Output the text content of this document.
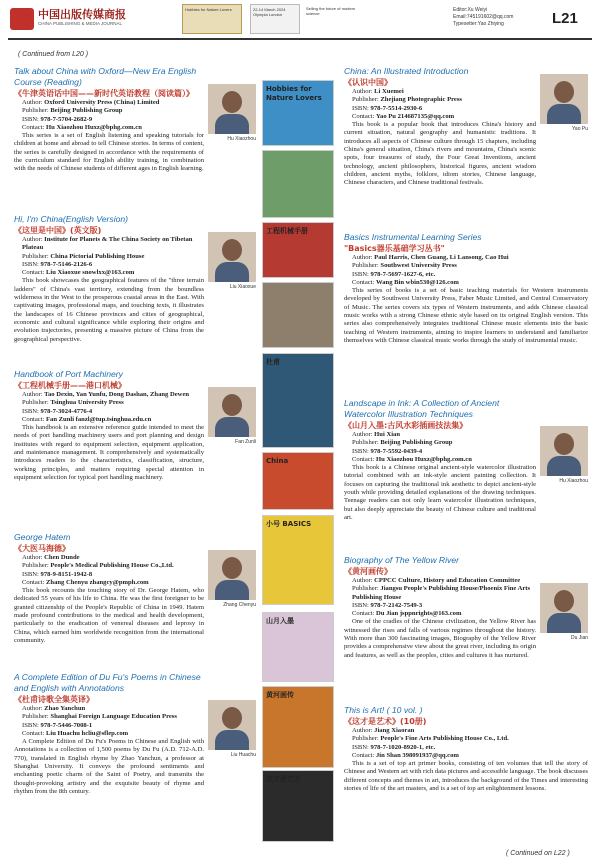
中国出版传媒商报
CHINA PUBLISHING & MEDIA JOURNAL
Hobbies for Nature Lovers	22-14 March 2024 Olympia London
Selling the future of modern science
Editor:Xu Weiyi
Email:745191602@qq.com
Typesetter:Yao Zhiying	L21
( Continued from L20 )
( Continued on L22 )
Talk about China with Oxford—New Era English Course (Reading)
《牛津英语话中国——新时代英语教程（阅读篇）》
Author: Oxford University Press (China) Limited
Publisher: Beijing Publishing Group
ISBN: 978-7-5704-2682-9
Contact: Hu Xiaozhou Huxz@bphg.com.cn
This series is a set of English listening and speaking tutorials for children at home and abroad to tell Chinese stories. In terms of content, the series is carefully designed in accordance with the requirements of the curriculum standard for English ability training, in combination with the needs of Chinese students of different ages in English learning.
Hu Xiaozhou
Hi, I'm China(English Version)
《这里是中国》(英文版)
Author: Institute for Planets & The China Society on Tibetan Plateau
Publisher: China Pictorial Publishing House
ISBN: 978-7-5146-2126-6
Contact: Liu Xiaoxue snowlxx@163.com
This book showcases the geographical features of the "three terrain ladders" of China's vast territory, extending from the boundless wilderness in the West to the prosperous coastal areas in the East. With captivating images, professional maps, and touching texts, it illustrates the landscapes of 16 Chinese provinces and cities of geographical, economic and cultural significance while exploring their origins and evolution trajectories, presenting a massive picture of China from the geographical perspective.
Liu Xiaoxue
Handbook of Port Machinery
《工程机械手册——港口机械》
Author: Tao Dexin, Yan Yunfu, Dong Dashan, Zhang Dewen
Publisher: Tsinghua University Press
ISBN: 978-7-3024-4776-4
Contact: Fan Zunli fanzl@tup.tsinghua.edu.cn
This handbook is an extensive reference guide intended to meet the needs of port handling machinery users and port planning and design institutes with regard to equipment selection, equipment application, and maintenance management. It comprehensively and systematically introduces readers to the characteristics, classification, structure, working principles, and matters requiring special attention in equipment selection for typical port handling machinery.
Fan Zunli
George Hatem
《大医马海德》
Author: Chen Dunde
Publisher: People's Medical Publishing House Co.,Ltd.
ISBN: 978-9-8151-1942-8
Contact: Zhang Chenyu zhangcy@pmph.com
This book recounts the touching story of Dr. George Hatem, who dedicated 55 years of his life to China. He was the first foreigner to be granted citizenship of the People's Republic of China in 1949. Hatem made profound contributions to the medical and health development, particularly to the eradication of venereal diseases and leprosy in China, which earned him worldwide recognition from the international community.
Zhang Chenyu
A Complete Edition of Du Fu's Poems in Chinese and English with Annotations
《杜甫诗歌全集英译》
Author: Zhao Yanchun
Publisher: Shanghai Foreign Language Education Press
ISBN: 978-7-5446-7008-1
Contact: Liu Huachu hcliu@sflep.com
A Complete Edition of Du Fu's Poems in Chinese and English with Annotations is a collection of 1,500 poems by Du Fu (A.D. 712-A.D. 770), translated in English rhyme by Zhao Yanchun, a professor at Shanghai University. It conveys the profound sentiments and enchanting poetic charm of the Saint of Poetry, and transmits the thought-provoking artistry and the exquisite beauty of rhyme and rhythm from the 8th century.
Liu Huachu
China: An Illustrated Introduction
《认识中国》
Author: Li Xuemei
Publisher: Zhejiang Photographic Press
ISBN: 978-7-5514-2930-6
Contact: Yao Pu 214687135@qq.com
This book is a popular book that introduces China's history and current situation, natural geography and humanistic traditions. It introduces all aspects of Chinese culture through 15 chapters, including China's general situation, China's rivers and mountains, China's scenic spots, four treasures of study, the Four Great Inventions, ancient technology, ancient philosophers, historical figures, ancient wisdom children, ancient myths, folklore, idiom stories, Chinese language, Chinese characters, and Chinese traditional festivals.
Yao Pu
Basics Instrumental Learning Series
"Basics器乐基础学习丛书"
Author: Paul Harris, Chen Guang, Li Lansong, Cao Hui
Publisher: Southwest University Press
ISBN: 978-7-5697-1627-6, etc.
Contact: Wang Bin wbin530@126.com
This series of books is a set of basic teaching materials for Western instruments developed by Southwest University Press, Faber Music Limited, and Central Conservatory of Music. The series covers six types of Western instruments, and adds Chinese classical music works with a strong Chinese ethnic style based on its original English version. This series also comprehensively integrates traditional Chinese music elements into the basic teaching of Western instruments, aiming to inspire learners to understand and familiarize themselves with Chinese classical music works through the study of instrumental music.
Landscape in Ink: A Collection of Ancient Watercolor Illustration Techniques
《山月入墨:古风水彩插画技法集》
Author: Hui Xian
Publisher: Beijing Publishing Group
ISBN: 978-7-5592-0439-4
Contact: Hu Xiaozhou Huxz@bphg.com.cn
This book is a Chinese original ancient-style watercolor illustration tutorial combined with an ink-style ancient painting collection. It focuses on capturing the traditional ink aesthetic to depict ancient-style youth while providing detailed explanations of the drawing techniques. Teenage readers can not only learn watercolor illustration techniques, but also deeply appreciate the beauty of Chinese culture and traditional art.
Hu Xiaozhou
Biography of The Yellow River
《黄河画传》
Author: CPPCC Culture, History and Education Committee
Publisher: Jiangsu People's Publishing House/Phoenix Fine Arts Publishing House
ISBN: 978-7-2142-7549-3
Contact: Du Jian jsppnrights@163.com
One of the cradles of the Chinese civilization, the Yellow River has witnessed the rises and falls of various regimes throughout the history. With more than 300 fascinating images, Biography of the Yellow River provides a comprehensive view about the great river, including its origin and features, as well as the peoples, cities and cultures it has nurtured.
Du Jian
This is Art! ( 10 vol. )
《这才是艺术》(10册)
Author: Jiang Xiaoran
Publisher: People's Fine Arts Publishing House Co., Ltd.
ISBN: 978-7-1020-8920-1, etc.
Contact: Jin Shan 398091937@qq.com
This is a set of top art primer books, consisting of ten volumes that tell the story of Chinese and Western art with rich data pictures and accessible language. The book discusses different concepts and themes in art, introduces the background of the Times and interesting stories of life of the art masters, and is a set of top art enlightenment lessons.
Hobbies for Nature Lovers
工程机械手册
杜甫
China
小号 BASICS
山月入墨
黄河画传
这才是艺术
